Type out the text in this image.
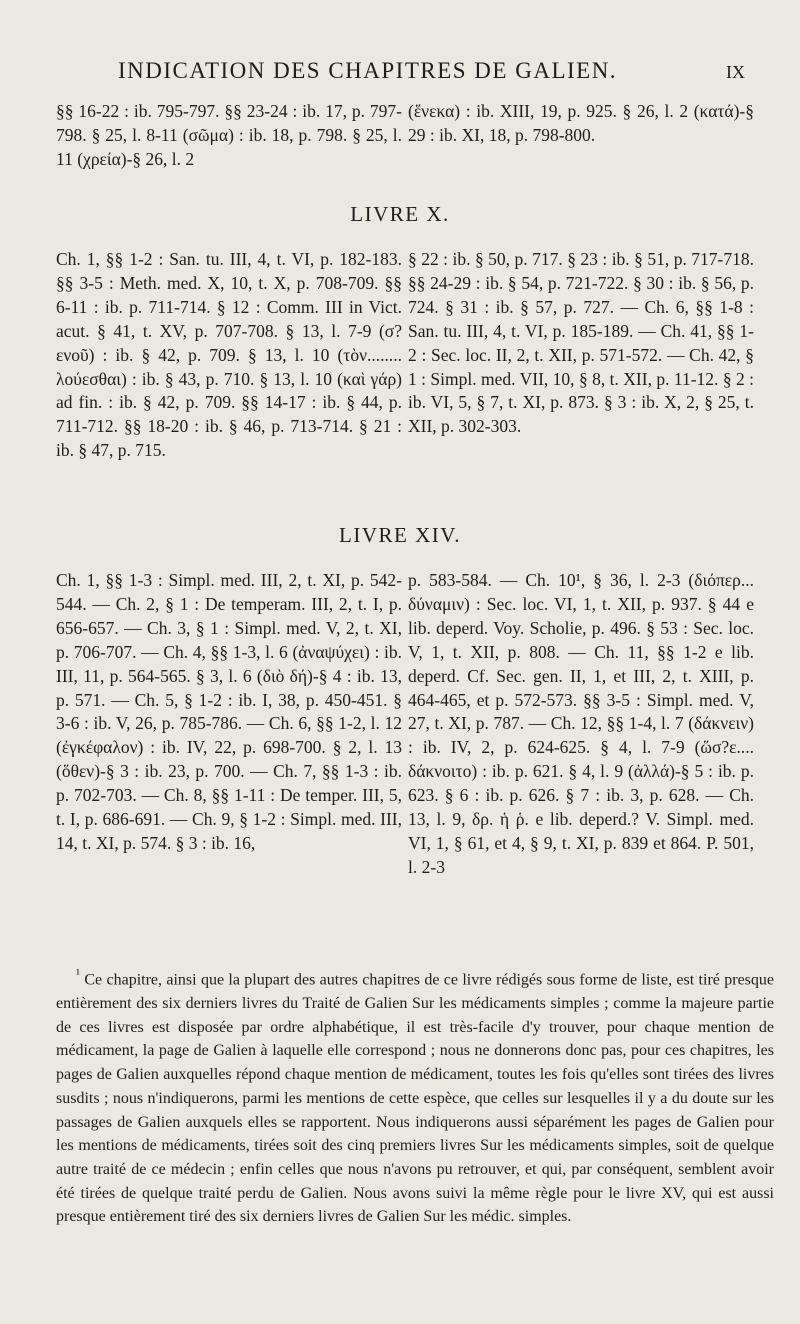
INDICATION DES CHAPITRES DE GALIEN.	IX

§§ 16-22 : ib. 795-797. §§ 23-24 : ib. 17, p. 797-798. § 25, l. 8-11 (σῶμα) : ib. 18, p. 798. § 25, l. 11 (χρεία)-§ 26, l. 2

(ἕνεκα) : ib. XIII, 19, p. 925. § 26, l. 2 (κατά)-§ 29 : ib. XI, 18, p. 798-800.

LIVRE X.

Ch. 1, §§ 1-2 : San. tu. III, 4, t. VI, p. 182-183. §§ 3-5 : Meth. med. X, 10, t. X, p. 708-709. §§ 6-11 : ib. p. 711-714. § 12 : Comm. III in Vict. acut. § 41, t. XV, p. 707-708. § 13, l. 7-9 (σ?ενοῦ) : ib. § 42, p. 709. § 13, l. 10 (τὸν........ λούεσθαι) : ib. § 43, p. 710. § 13, l. 10 (καὶ γάρ) ad fin. : ib. § 42, p. 709. §§ 14-17 : ib. § 44, p. 711-712. §§ 18-20 : ib. § 46, p. 713-714. § 21 : ib. § 47, p. 715.

§ 22 : ib. § 50, p. 717. § 23 : ib. § 51, p. 717-718. §§ 24-29 : ib. § 54, p. 721-722. § 30 : ib. § 56, p. 724. § 31 : ib. § 57, p. 727. — Ch. 6, §§ 1-8 : San. tu. III, 4, t. VI, p. 185-189. — Ch. 41, §§ 1-2 : Sec. loc. II, 2, t. XII, p. 571-572. — Ch. 42, § 1 : Simpl. med. VII, 10, § 8, t. XII, p. 11-12. § 2 : ib. VI, 5, § 7, t. XI, p. 873. § 3 : ib. X, 2, § 25, t. XII, p. 302-303.

LIVRE XIV.

Ch. 1, §§ 1-3 : Simpl. med. III, 2, t. XI, p. 542-544. — Ch. 2, § 1 : De temperam. III, 2, t. I, p. 656-657. — Ch. 3, § 1 : Simpl. med. V, 2, t. XI, p. 706-707. — Ch. 4, §§ 1-3, l. 6 (ἀναψύχει) : ib. III, 11, p. 564-565. § 3, l. 6 (διὸ δή)-§ 4 : ib. 13, p. 571. — Ch. 5, § 1-2 : ib. I, 38, p. 450-451. § 3-6 : ib. V, 26, p. 785-786. — Ch. 6, §§ 1-2, l. 12 (ἐγκέφαλον) : ib. IV, 22, p. 698-700. § 2, l. 13 (ὅθεν)-§ 3 : ib. 23, p. 700. — Ch. 7, §§ 1-3 : ib. p. 702-703. — Ch. 8, §§ 1-11 : De temper. III, 5, t. I, p. 686-691. — Ch. 9, § 1-2 : Simpl. med. III, 14, t. XI, p. 574. § 3 : ib. 16,

p. 583-584. — Ch. 10¹, § 36, l. 2-3 (διόπερ... δύναμιν) : Sec. loc. VI, 1, t. XII, p. 937. § 44 e lib. deperd. Voy. Scholie, p. 496. § 53 : Sec. loc. V, 1, t. XII, p. 808. — Ch. 11, §§ 1-2 e lib. deperd. Cf. Sec. gen. II, 1, et III, 2, t. XIII, p. 464-465, et p. 572-573. §§ 3-5 : Simpl. med. V, 27, t. XI, p. 787. — Ch. 12, §§ 1-4, l. 7 (δάκνειν) : ib. IV, 2, p. 624-625. § 4, l. 7-9 (ὥσ?ε.... δάκνοιτο) : ib. p. 621. § 4, l. 9 (ἀλλά)-§ 5 : ib. p. 623. § 6 : ib. p. 626. § 7 : ib. 3, p. 628. — Ch. 13, l. 9, δρ. ἡ ῥ. e lib. deperd.? V. Simpl. med. VI, 1, § 61, et 4, § 9, t. XI, p. 839 et 864. P. 501, l. 2-3

$^{^1}$ Ce chapitre, ainsi que la plupart des autres chapitres de ce livre rédigés sous forme de liste, est tiré presque entièrement des six derniers livres du Traité de Galien Sur les médicaments simples ; comme la majeure partie de ces livres est disposée par ordre alphabétique, il est très-facile d'y trouver, pour chaque mention de médicament, la page de Galien à laquelle elle correspond ; nous ne donnerons donc pas, pour ces chapitres, les pages de Galien auxquelles répond chaque mention de médicament, toutes les fois qu'elles sont tirées des livres susdits ; nous n'indiquerons, parmi les mentions de cette espèce, que celles sur lesquelles il y a du doute sur les passages de Galien auxquels elles se rapportent. Nous indiquerons aussi séparément les pages de Galien pour les mentions de médicaments, tirées soit des cinq premiers livres Sur les médicaments simples, soit de quelque autre traité de ce médecin ; enfin celles que nous n'avons pu retrouver, et qui, par conséquent, semblent avoir été tirées de quelque traité perdu de Galien. Nous avons suivi la même règle pour le livre XV, qui est aussi presque entièrement tiré des six derniers livres de Galien Sur les médic. simples.
